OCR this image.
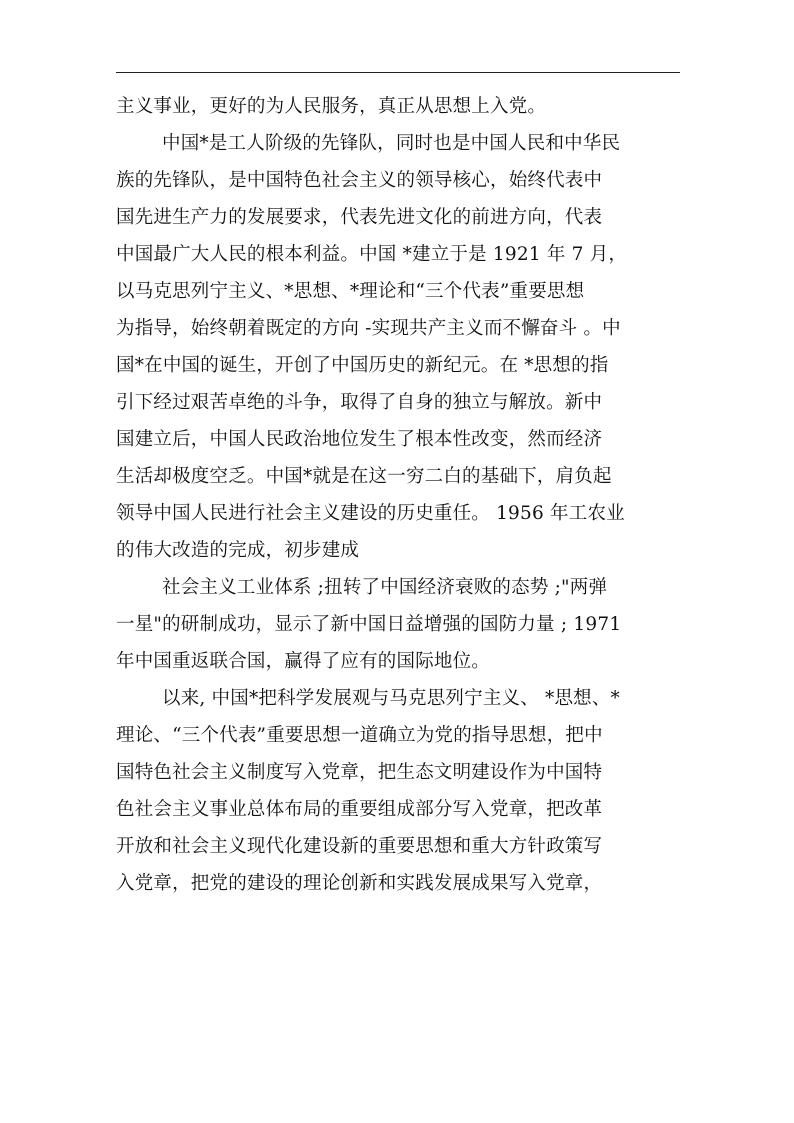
主义事业，更好的为人民服务，真正从思想上入党。
中国*是工人阶级的先锋队，同时也是中国人民和中华民
族的先锋队，是中国特色社会主义的领导核心，始终代表中
国先进生产力的发展要求，代表先进文化的前进方向，代表
中国最广大人民的根本利益。中国 *建立于是 1921 年 7 月，
以马克思列宁主义、*思想、*理论和“三个代表”重要思想
为指导，始终朝着既定的方向 -实现共产主义而不懈奋斗 。中
国*在中国的诞生，开创了中国历史的新纪元。在 *思想的指
引下经过艰苦卓绝的斗争，取得了自身的独立与解放。新中
国建立后，中国人民政治地位发生了根本性改变，然而经济
生活却极度空乏。中国*就是在这一穷二白的基础下，肩负起
领导中国人民进行社会主义建设的历史重任。 1956 年工农业
的伟大改造的完成，初步建成
社会主义工业体系 ;扭转了中国经济衰败的态势 ;"两弹
一星"的研制成功，显示了新中国日益增强的国防力量 ; 1971
年中国重返联合国，赢得了应有的国际地位。
以来, 中国*把科学发展观与马克思列宁主义、 *思想、*
理论、“三个代表”重要思想一道确立为党的指导思想，把中
国特色社会主义制度写入党章，把生态文明建设作为中国特
色社会主义事业总体布局的重要组成部分写入党章，把改革
开放和社会主义现代化建设新的重要思想和重大方针政策写
入党章，把党的建设的理论创新和实践发展成果写入党章，
